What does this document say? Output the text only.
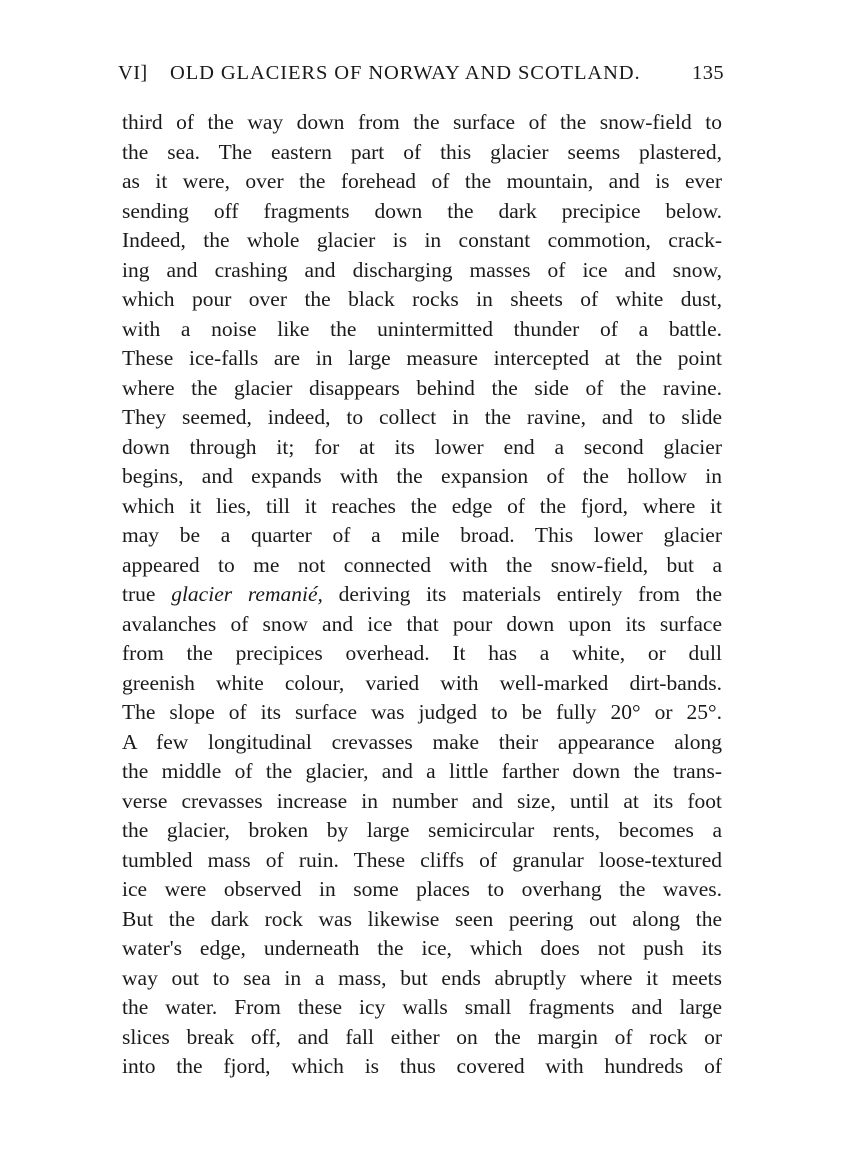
VI] OLD GLACIERS OF NORWAY AND SCOTLAND.	135
third of the way down from the surface of the snow-field to
the sea. The eastern part of this glacier seems plastered,
as it were, over the forehead of the mountain, and is ever
sending off fragments down the dark precipice below.
Indeed, the whole glacier is in constant commotion, crack-
ing and crashing and discharging masses of ice and snow,
which pour over the black rocks in sheets of white dust,
with a noise like the unintermitted thunder of a battle.
These ice-falls are in large measure intercepted at the point
where the glacier disappears behind the side of the ravine.
They seemed, indeed, to collect in the ravine, and to slide
down through it; for at its lower end a second glacier
begins, and expands with the expansion of the hollow in
which it lies, till it reaches the edge of the fjord, where it
may be a quarter of a mile broad. This lower glacier
appeared to me not connected with the snow-field, but a
true glacier remanié, deriving its materials entirely from the
avalanches of snow and ice that pour down upon its surface
from the precipices overhead. It has a white, or dull
greenish white colour, varied with well-marked dirt-bands.
The slope of its surface was judged to be fully 20° or 25°.
A few longitudinal crevasses make their appearance along
the middle of the glacier, and a little farther down the trans-
verse crevasses increase in number and size, until at its foot
the glacier, broken by large semicircular rents, becomes a
tumbled mass of ruin. These cliffs of granular loose-textured
ice were observed in some places to overhang the waves.
But the dark rock was likewise seen peering out along the
water's edge, underneath the ice, which does not push its
way out to sea in a mass, but ends abruptly where it meets
the water. From these icy walls small fragments and large
slices break off, and fall either on the margin of rock or
into the fjord, which is thus covered with hundreds of
